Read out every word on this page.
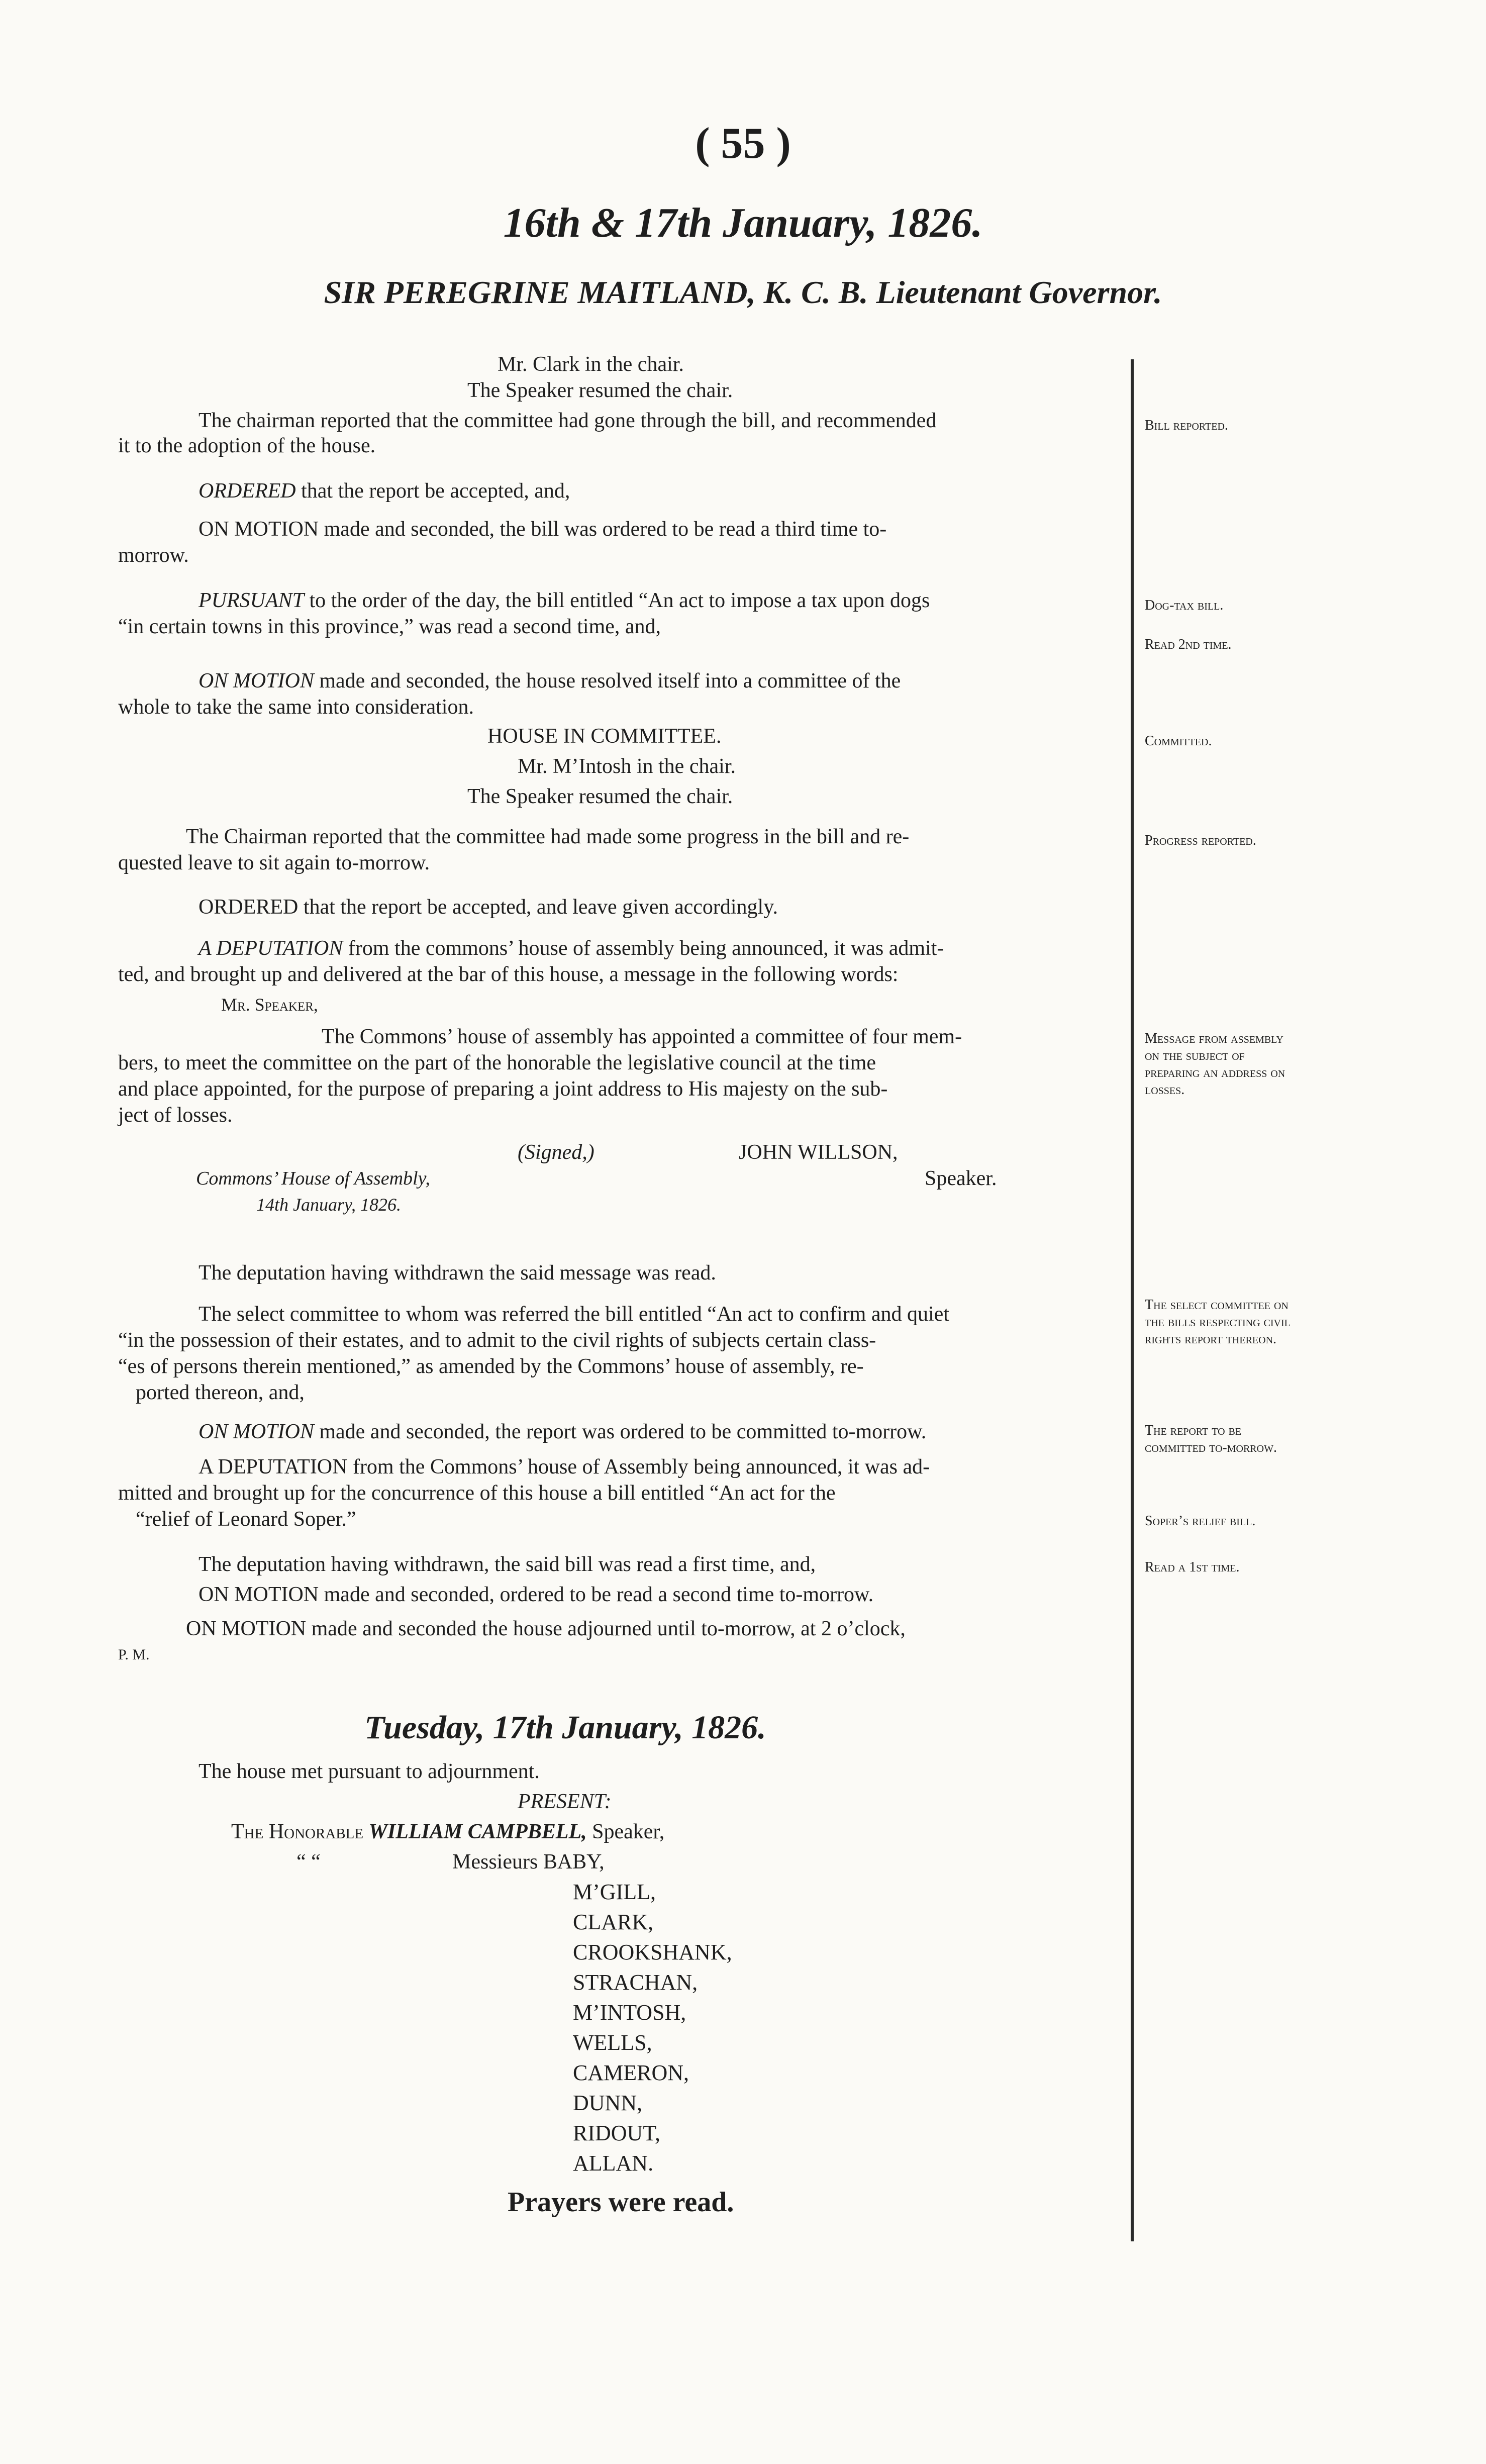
( 55 )
16th & 17th January, 1826.
SIR PEREGRINE MAITLAND, K. C. B. Lieutenant Governor.
Mr. Clark in the chair.
The Speaker resumed the chair.
The chairman reported that the committee had gone through the bill, and recommended
it to the adoption of the house.
ORDERED that the report be accepted, and,
ON MOTION made and seconded, the bill was ordered to be read a third time to-
morrow.
PURSUANT to the order of the day, the bill entitled “An act to impose a tax upon dogs
“in certain towns in this province,” was read a second time, and,
ON MOTION made and seconded, the house resolved itself into a committee of the
whole to take the same into consideration.
HOUSE IN COMMITTEE.
Mr. M’Intosh in the chair.
The Speaker resumed the chair.
The Chairman reported that the committee had made some progress in the bill and re-
quested leave to sit again to-morrow.
ORDERED that the report be accepted, and leave given accordingly.
A DEPUTATION from the commons’ house of assembly being announced, it was admit-
ted, and brought up and delivered at the bar of this house, a message in the following words:
Mr. Speaker,
The Commons’ house of assembly has appointed a committee of four mem-
bers, to meet the committee on the part of the honorable the legislative council at the time
and place appointed, for the purpose of preparing a joint address to His majesty on the sub-
ject of losses.
(Signed,)	JOHN WILLSON,
Commons’ House of Assembly,	Speaker.
14th January, 1826.
The deputation having withdrawn the said message was read.
The select committee to whom was referred the bill entitled “An act to confirm and quiet
“in the possession of their estates, and to admit to the civil rights of subjects certain class-
“es of persons therein mentioned,” as amended by the Commons’ house of assembly, re-
ported thereon, and,
ON MOTION made and seconded, the report was ordered to be committed to-morrow.
A DEPUTATION from the Commons’ house of Assembly being announced, it was ad-
mitted and brought up for the concurrence of this house a bill entitled “An act for the
“relief of Leonard Soper.”
The deputation having withdrawn, the said bill was read a first time, and,
ON MOTION made and seconded, ordered to be read a second time to-morrow.
ON MOTION made and seconded the house adjourned until to-morrow, at 2 o’clock,
P. M.
Tuesday, 17th January, 1826.
The house met pursuant to adjournment.
PRESENT:
The Honorable WILLIAM CAMPBELL, Speaker,
“ “	Messieurs BABY,
M’GILL,
CLARK,
CROOKSHANK,
STRACHAN,
M’INTOSH,
WELLS,
CAMERON,
DUNN,
RIDOUT,
ALLAN.
Prayers were read.
Bill reported.
Dog-tax bill.
Read 2nd time.
Committed.
Progress reported.
Message from assembly on the subject of preparing an address on losses.
The select committee on the bills respecting civil rights report thereon.
The report to be committed to-morrow.
Soper’s relief bill.
Read a 1st time.
